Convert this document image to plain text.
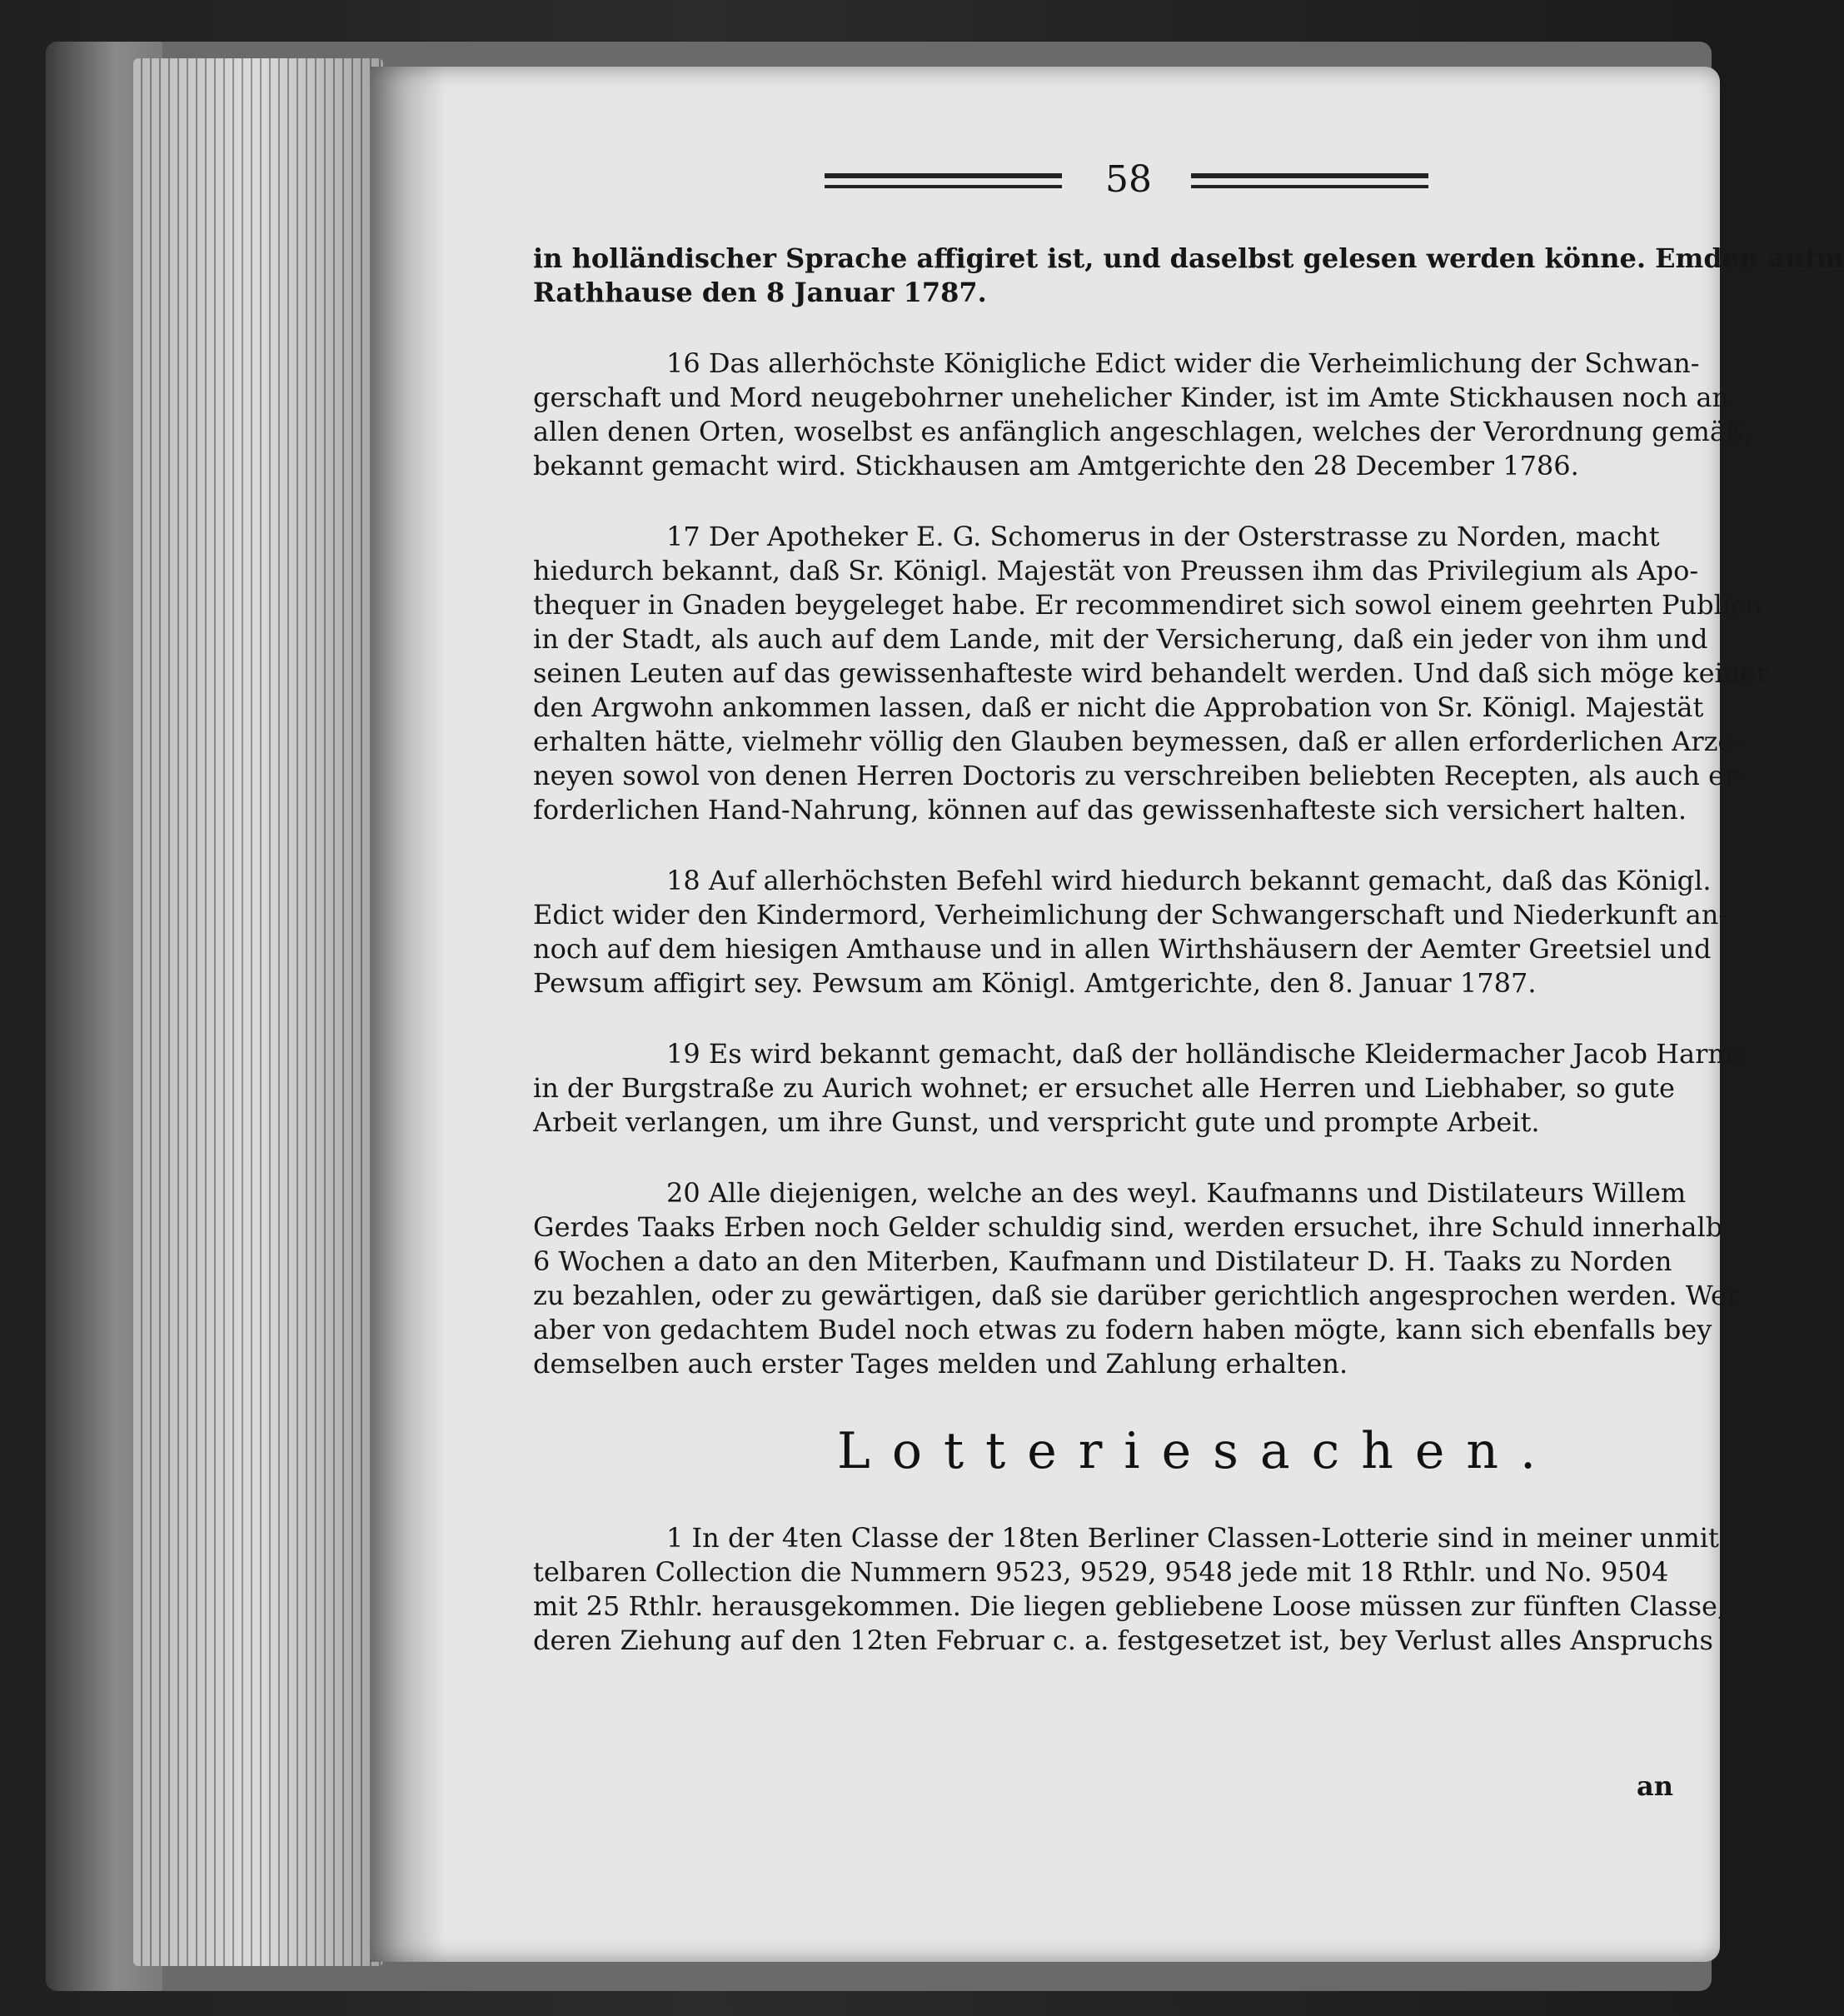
58
in holländischer Sprache affigiret ist, und daselbst gelesen werden könne. Emden aufm
Rathhause den 8 Januar 1787.
16 Das allerhöchste Königliche Edict wider die Verheimlichung der Schwan-
gerschaft und Mord neugebohrner unehelicher Kinder, ist im Amte Stickhausen noch an
allen denen Orten, woselbst es anfänglich angeschlagen, welches der Verordnung gemäß,
bekannt gemacht wird. Stickhausen am Amtgerichte den 28 December 1786.
17 Der Apotheker E. G. Schomerus in der Osterstrasse zu Norden, macht
hiedurch bekannt, daß Sr. Königl. Majestät von Preussen ihm das Privilegium als Apo-
thequer in Gnaden beygeleget habe. Er recommendiret sich sowol einem geehrten Publico
in der Stadt, als auch auf dem Lande, mit der Versicherung, daß ein jeder von ihm und
seinen Leuten auf das gewissenhafteste wird behandelt werden. Und daß sich möge keiner
den Argwohn ankommen lassen, daß er nicht die Approbation von Sr. Königl. Majestät
erhalten hätte, vielmehr völlig den Glauben beymessen, daß er allen erforderlichen Arze-
neyen sowol von denen Herren Doctoris zu verschreiben beliebten Recepten, als auch er-
forderlichen Hand-Nahrung, können auf das gewissenhafteste sich versichert halten.
18 Auf allerhöchsten Befehl wird hiedurch bekannt gemacht, daß das Königl.
Edict wider den Kindermord, Verheimlichung der Schwangerschaft und Niederkunft an-
noch auf dem hiesigen Amthause und in allen Wirthshäusern der Aemter Greetsiel und
Pewsum affigirt sey. Pewsum am Königl. Amtgerichte, den 8. Januar 1787.
19 Es wird bekannt gemacht, daß der holländische Kleidermacher Jacob Harms
in der Burgstraße zu Aurich wohnet; er ersuchet alle Herren und Liebhaber, so gute
Arbeit verlangen, um ihre Gunst, und verspricht gute und prompte Arbeit.
20 Alle diejenigen, welche an des weyl. Kaufmanns und Distilateurs Willem
Gerdes Taaks Erben noch Gelder schuldig sind, werden ersuchet, ihre Schuld innerhalb
6 Wochen a dato an den Miterben, Kaufmann und Distilateur D. H. Taaks zu Norden
zu bezahlen, oder zu gewärtigen, daß sie darüber gerichtlich angesprochen werden. Wer
aber von gedachtem Budel noch etwas zu fodern haben mögte, kann sich ebenfalls bey
demselben auch erster Tages melden und Zahlung erhalten.
Lotteriesachen.
1 In der 4ten Classe der 18ten Berliner Classen-Lotterie sind in meiner unmit-
telbaren Collection die Nummern 9523, 9529, 9548 jede mit 18 Rthlr. und No. 9504
mit 25 Rthlr. herausgekommen. Die liegen gebliebene Loose müssen zur fünften Classe,
deren Ziehung auf den 12ten Februar c. a. festgesetzet ist, bey Verlust alles Anspruchs
an
